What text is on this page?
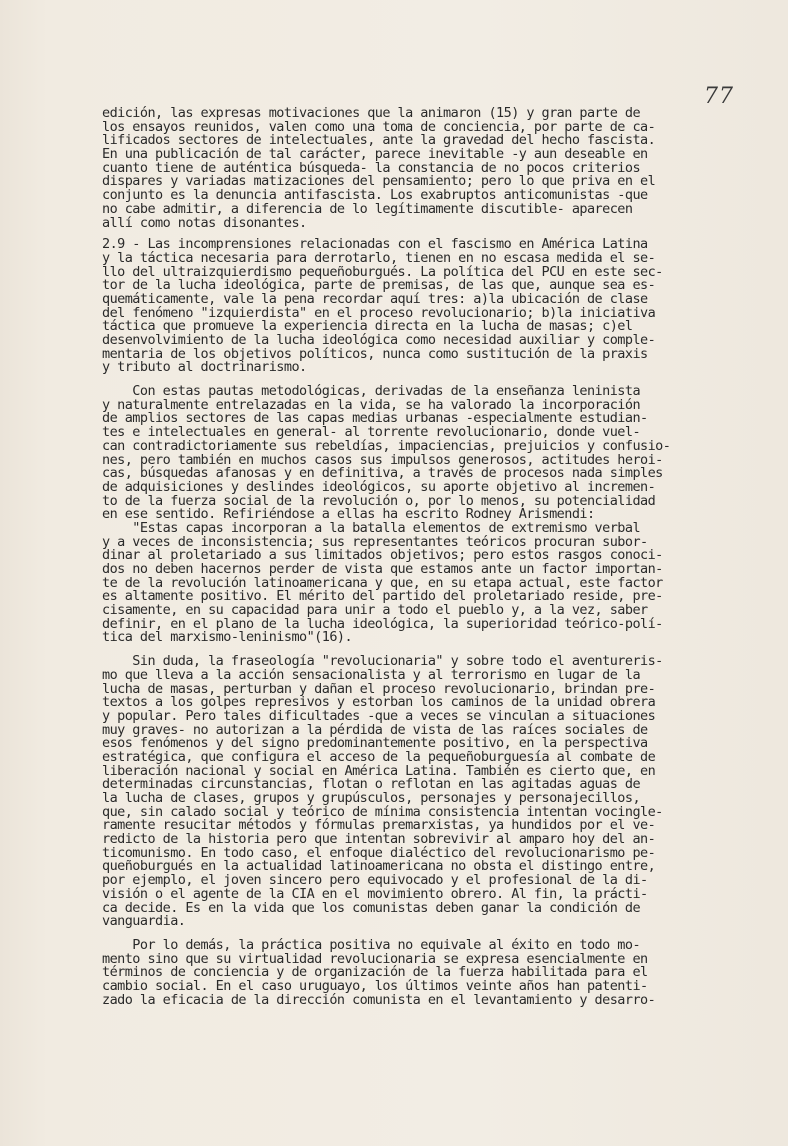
77
edición, las expresas motivaciones que la animaron (15) y gran parte de
los ensayos reunidos, valen como una toma de conciencia, por parte de ca-
lificados sectores de intelectuales, ante la gravedad del hecho fascista.
En una publicación de tal carácter, parece inevitable -y aun deseable en
cuanto tiene de auténtica búsqueda- la constancia de no pocos criterios
dispares y variadas matizaciones del pensamiento; pero lo que priva en el
conjunto es la denuncia antifascista. Los exabruptos anticomunistas -que
no cabe admitir, a diferencia de lo legítimamente discutible- aparecen
allí como notas disonantes.
2.9 - Las incomprensiones relacionadas con el fascismo en América Latina
y la táctica necesaria para derrotarlo, tienen en no escasa medida el se-
llo del ultraizquierdismo pequeñoburgués. La política del PCU en este sec-
tor de la lucha ideológica, parte de premisas, de las que, aunque sea es-
quemáticamente, vale la pena recordar aquí tres: a)la ubicación de clase
del fenómeno "izquierdista" en el proceso revolucionario; b)la iniciativa
táctica que promueve la experiencia directa en la lucha de masas; c)el
desenvolvimiento de la lucha ideológica como necesidad auxiliar y comple-
mentaria de los objetivos políticos, nunca como sustitución de la praxis
y tributo al doctrinarismo.
Con estas pautas metodológicas, derivadas de la enseñanza leninista
y naturalmente entrelazadas en la vida, se ha valorado la incorporación
de amplios sectores de las capas medias urbanas -especialmente estudian-
tes e intelectuales en general- al torrente revolucionario, donde vuel-
can contradictoriamente sus rebeldías, impaciencias, prejuicios y confusio-
nes, pero también en muchos casos sus impulsos generosos, actitudes heroi-
cas, búsquedas afanosas y en definitiva, a través de procesos nada simples
de adquisiciones y deslindes ideológicos, su aporte objetivo al incremen-
to de la fuerza social de la revolución o, por lo menos, su potencialidad
en ese sentido. Refiriéndose a ellas ha escrito Rodney Arismendi:
"Estas capas incorporan a la batalla elementos de extremismo verbal
y a veces de inconsistencia; sus representantes teóricos procuran subor-
dinar al proletariado a sus limitados objetivos; pero estos rasgos conoci-
dos no deben hacernos perder de vista que estamos ante un factor importan-
te de la revolución latinoamericana y que, en su etapa actual, este factor
es altamente positivo. El mérito del partido del proletariado reside, pre-
cisamente, en su capacidad para unir a todo el pueblo y, a la vez, saber
definir, en el plano de la lucha ideológica, la superioridad teórico-polí-
tica del marxismo-leninismo"(16).
Sin duda, la fraseología "revolucionaria" y sobre todo el aventureris-
mo que lleva a la acción sensacionalista y al terrorismo en lugar de la
lucha de masas, perturban y dañan el proceso revolucionario, brindan pre-
textos a los golpes represivos y estorban los caminos de la unidad obrera
y popular. Pero tales dificultades -que a veces se vinculan a situaciones
muy graves- no autorizan a la pérdida de vista de las raíces sociales de
esos fenómenos y del signo predominantemente positivo, en la perspectiva
estratégica, que configura el acceso de la pequeñoburguesía al combate de
liberación nacional y social en América Latina. También es cierto que, en
determinadas circunstancias, flotan o reflotan en las agitadas aguas de
la lucha de clases, grupos y grupúsculos, personajes y personajecillos,
que, sin calado social y teórico de mínima consistencia intentan vocingle-
ramente resucitar métodos y fórmulas premarxistas, ya hundidos por el ve-
redicto de la historia pero que intentan sobrevivir al amparo hoy del an-
ticomunismo. En todo caso, el enfoque dialéctico del revolucionarismo pe-
queñoburgués en la actualidad latinoamericana no obsta el distingo entre,
por ejemplo, el joven sincero pero equivocado y el profesional de la di-
visión o el agente de la CIA en el movimiento obrero. Al fin, la prácti-
ca decide. Es en la vida que los comunistas deben ganar la condición de
vanguardia.
Por lo demás, la práctica positiva no equivale al éxito en todo mo-
mento sino que su virtualidad revolucionaria se expresa esencialmente en
términos de conciencia y de organización de la fuerza habilitada para el
cambio social. En el caso uruguayo, los últimos veinte años han patenti-
zado la eficacia de la dirección comunista en el levantamiento y desarro-
